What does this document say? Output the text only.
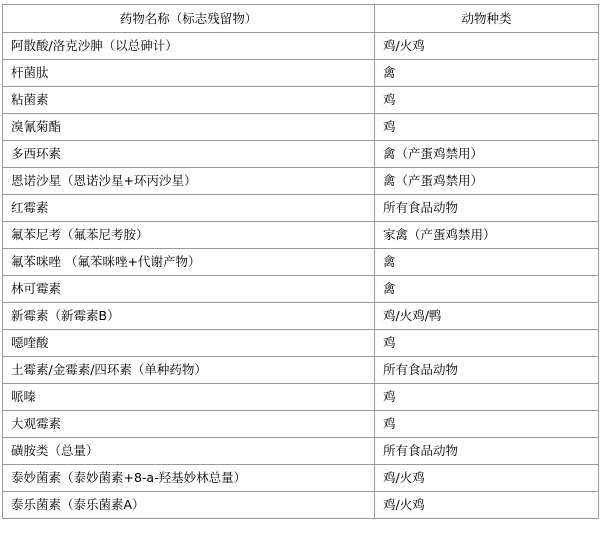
药物名称（标志残留物）	动物种类
阿散酸/洛克沙胂（以总砷计）	鸡/火鸡
杆菌肽	禽
粘菌素	鸡
溴氰菊酯	鸡
多西环素	禽（产蛋鸡禁用）
恩诺沙星（恩诺沙星+环丙沙星）	禽（产蛋鸡禁用）
红霉素	所有食品动物
氟苯尼考（氟苯尼考胺）	家禽（产蛋鸡禁用）
氟苯咪唑 （氟苯咪唑+代谢产物）	禽
林可霉素	禽
新霉素（新霉素B）	鸡/火鸡/鸭
噁喹酸	鸡
土霉素/金霉素/四环素（单种药物）	所有食品动物
哌嗪	鸡
大观霉素	鸡
磺胺类（总量）	所有食品动物
泰妙菌素（泰妙菌素+8-a-羟基妙林总量）	鸡/火鸡
泰乐菌素（泰乐菌素A）	鸡/火鸡
